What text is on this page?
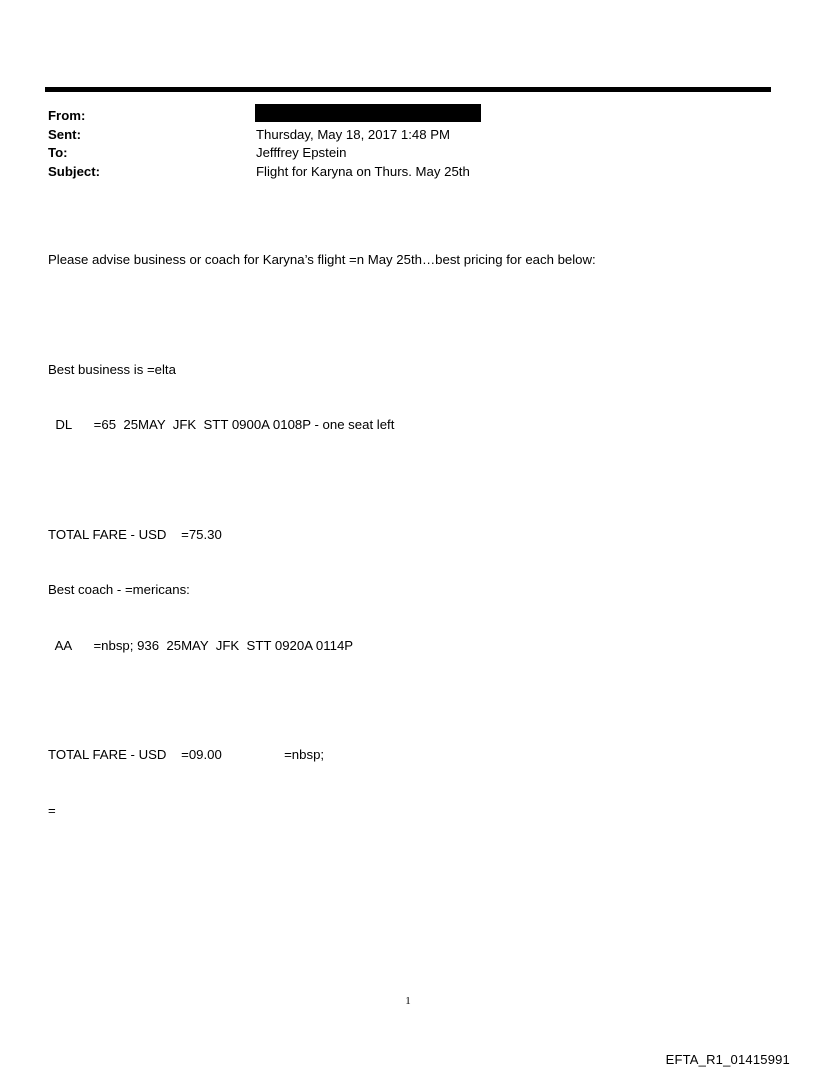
From:
Sent:	Thursday, May 18, 2017 1:48 PM
To:	Jefffrey Epstein
Subject:	Flight for Karyna on Thurs. May 25th

Please advise business or coach for Karyna’s flight =n May 25th…best pricing for each below:

Best business is =elta

DL      =65  25MAY  JFK  STT 0900A 0108P - one seat left

TOTAL FARE - USD    =75.30

Best coach - =mericans:

AA      =nbsp; 936  25MAY  JFK  STT 0920A 0114P

TOTAL FARE - USD    =09.00                 =nbsp;

=

1
EFTA_R1_01415991
